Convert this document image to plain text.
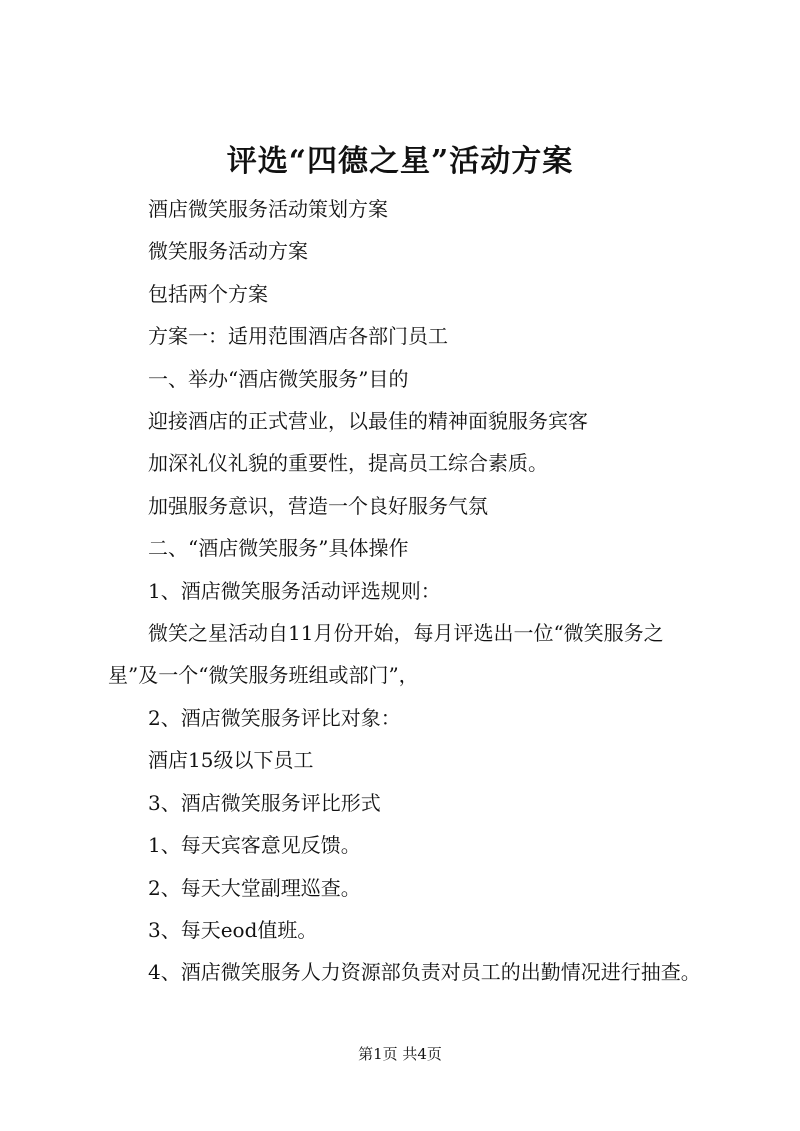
评选“四德之星”活动方案

酒店微笑服务活动策划方案

微笑服务活动方案

包括两个方案

方案一：适用范围酒店各部门员工

一、举办“酒店微笑服务”目的

迎接酒店的正式营业，以最佳的精神面貌服务宾客

加深礼仪礼貌的重要性，提高员工综合素质。

加强服务意识，营造一个良好服务气氛

二、“酒店微笑服务”具体操作

1、酒店微笑服务活动评选规则：

微笑之星活动自11月份开始，每月评选出一位“微笑服务之星”及一个“微笑服务班组或部门”，

2、酒店微笑服务评比对象：

酒店15级以下员工

3、酒店微笑服务评比形式

1、每天宾客意见反馈。

2、每天大堂副理巡查。

3、每天eod值班。

4、酒店微笑服务人力资源部负责对员工的出勤情况进行抽查。

第1页 共4页
